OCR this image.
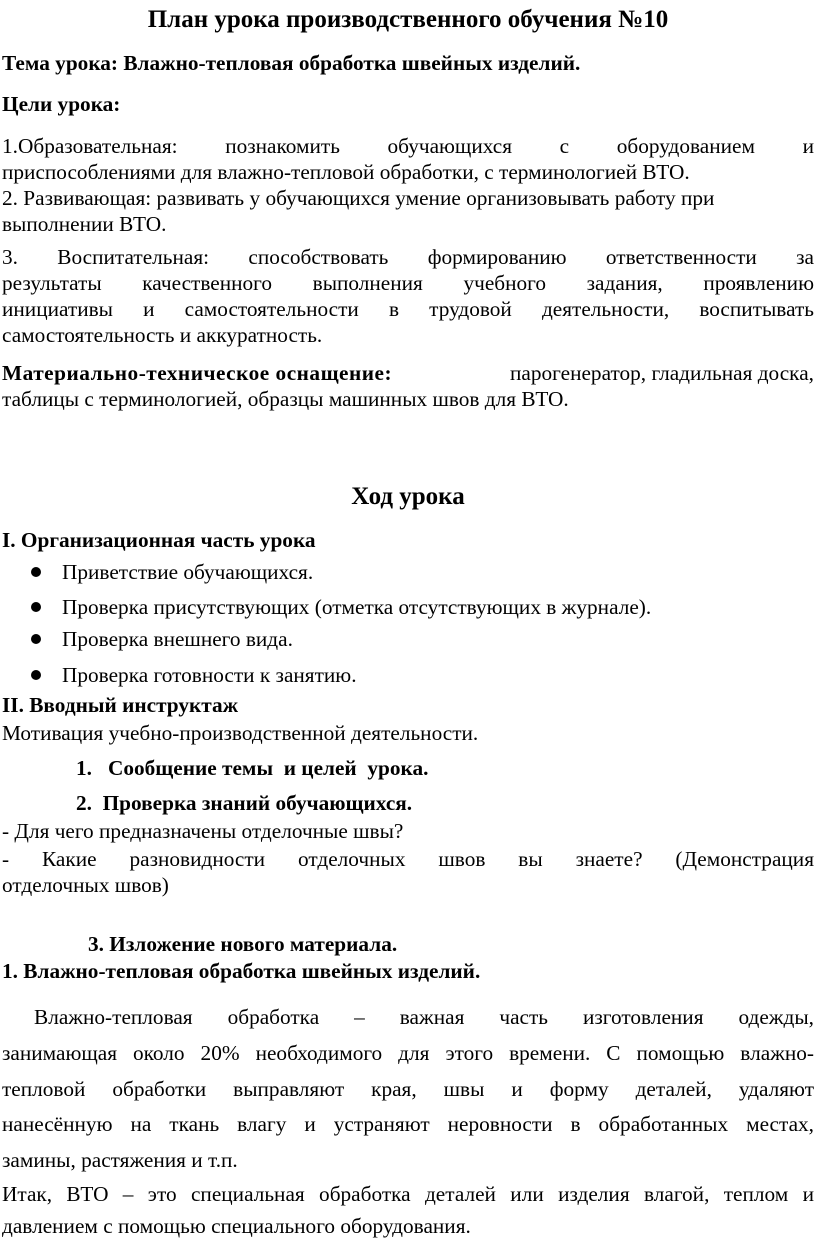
План урока производственного обучения №10
Тема урока: Влажно-тепловая обработка швейных изделий.
Цели урока:
1.Образовательная: познакомить обучающихся с оборудованием и
приспособлениями для влажно-тепловой обработки, с терминологией ВТО.
2. Развивающая: развивать у обучающихся умение организовывать работу при
выполнении ВТО.
3. Воспитательная: способствовать формированию ответственности за
результаты качественного выполнения учебного задания, проявлению
инициативы и самостоятельности в трудовой деятельности, воспитывать
самостоятельность и аккуратность.
Материально-техническое оснащение:	парогенератор, гладильная доска,
таблицы с терминологией, образцы машинных швов для ВТО.
Ход урока
I. Организационная часть урока
Приветствие обучающихся.
Проверка присутствующих (отметка отсутствующих в журнале).
Проверка внешнего вида.
Проверка готовности к занятию.
II. Вводный инструктаж
Мотивация учебно-производственной деятельности.
1.   Сообщение темы  и целей  урока.
2.  Проверка знаний обучающихся.
- Для чего предназначены отделочные швы?
- Какие разновидности отделочных швов вы знаете? (Демонстрация
отделочных швов)
3. Изложение нового материала.
1. Влажно-тепловая обработка швейных изделий.
Влажно-тепловая обработка – важная часть изготовления одежды,
занимающая около 20% необходимого для этого времени. С помощью влажно-
тепловой обработки выправляют края, швы и форму деталей, удаляют
нанесённую на ткань влагу и устраняют неровности в обработанных местах,
замины, растяжения и т.п.
Итак, ВТО – это специальная обработка деталей или изделия влагой, теплом и
давлением с помощью специального оборудования.
